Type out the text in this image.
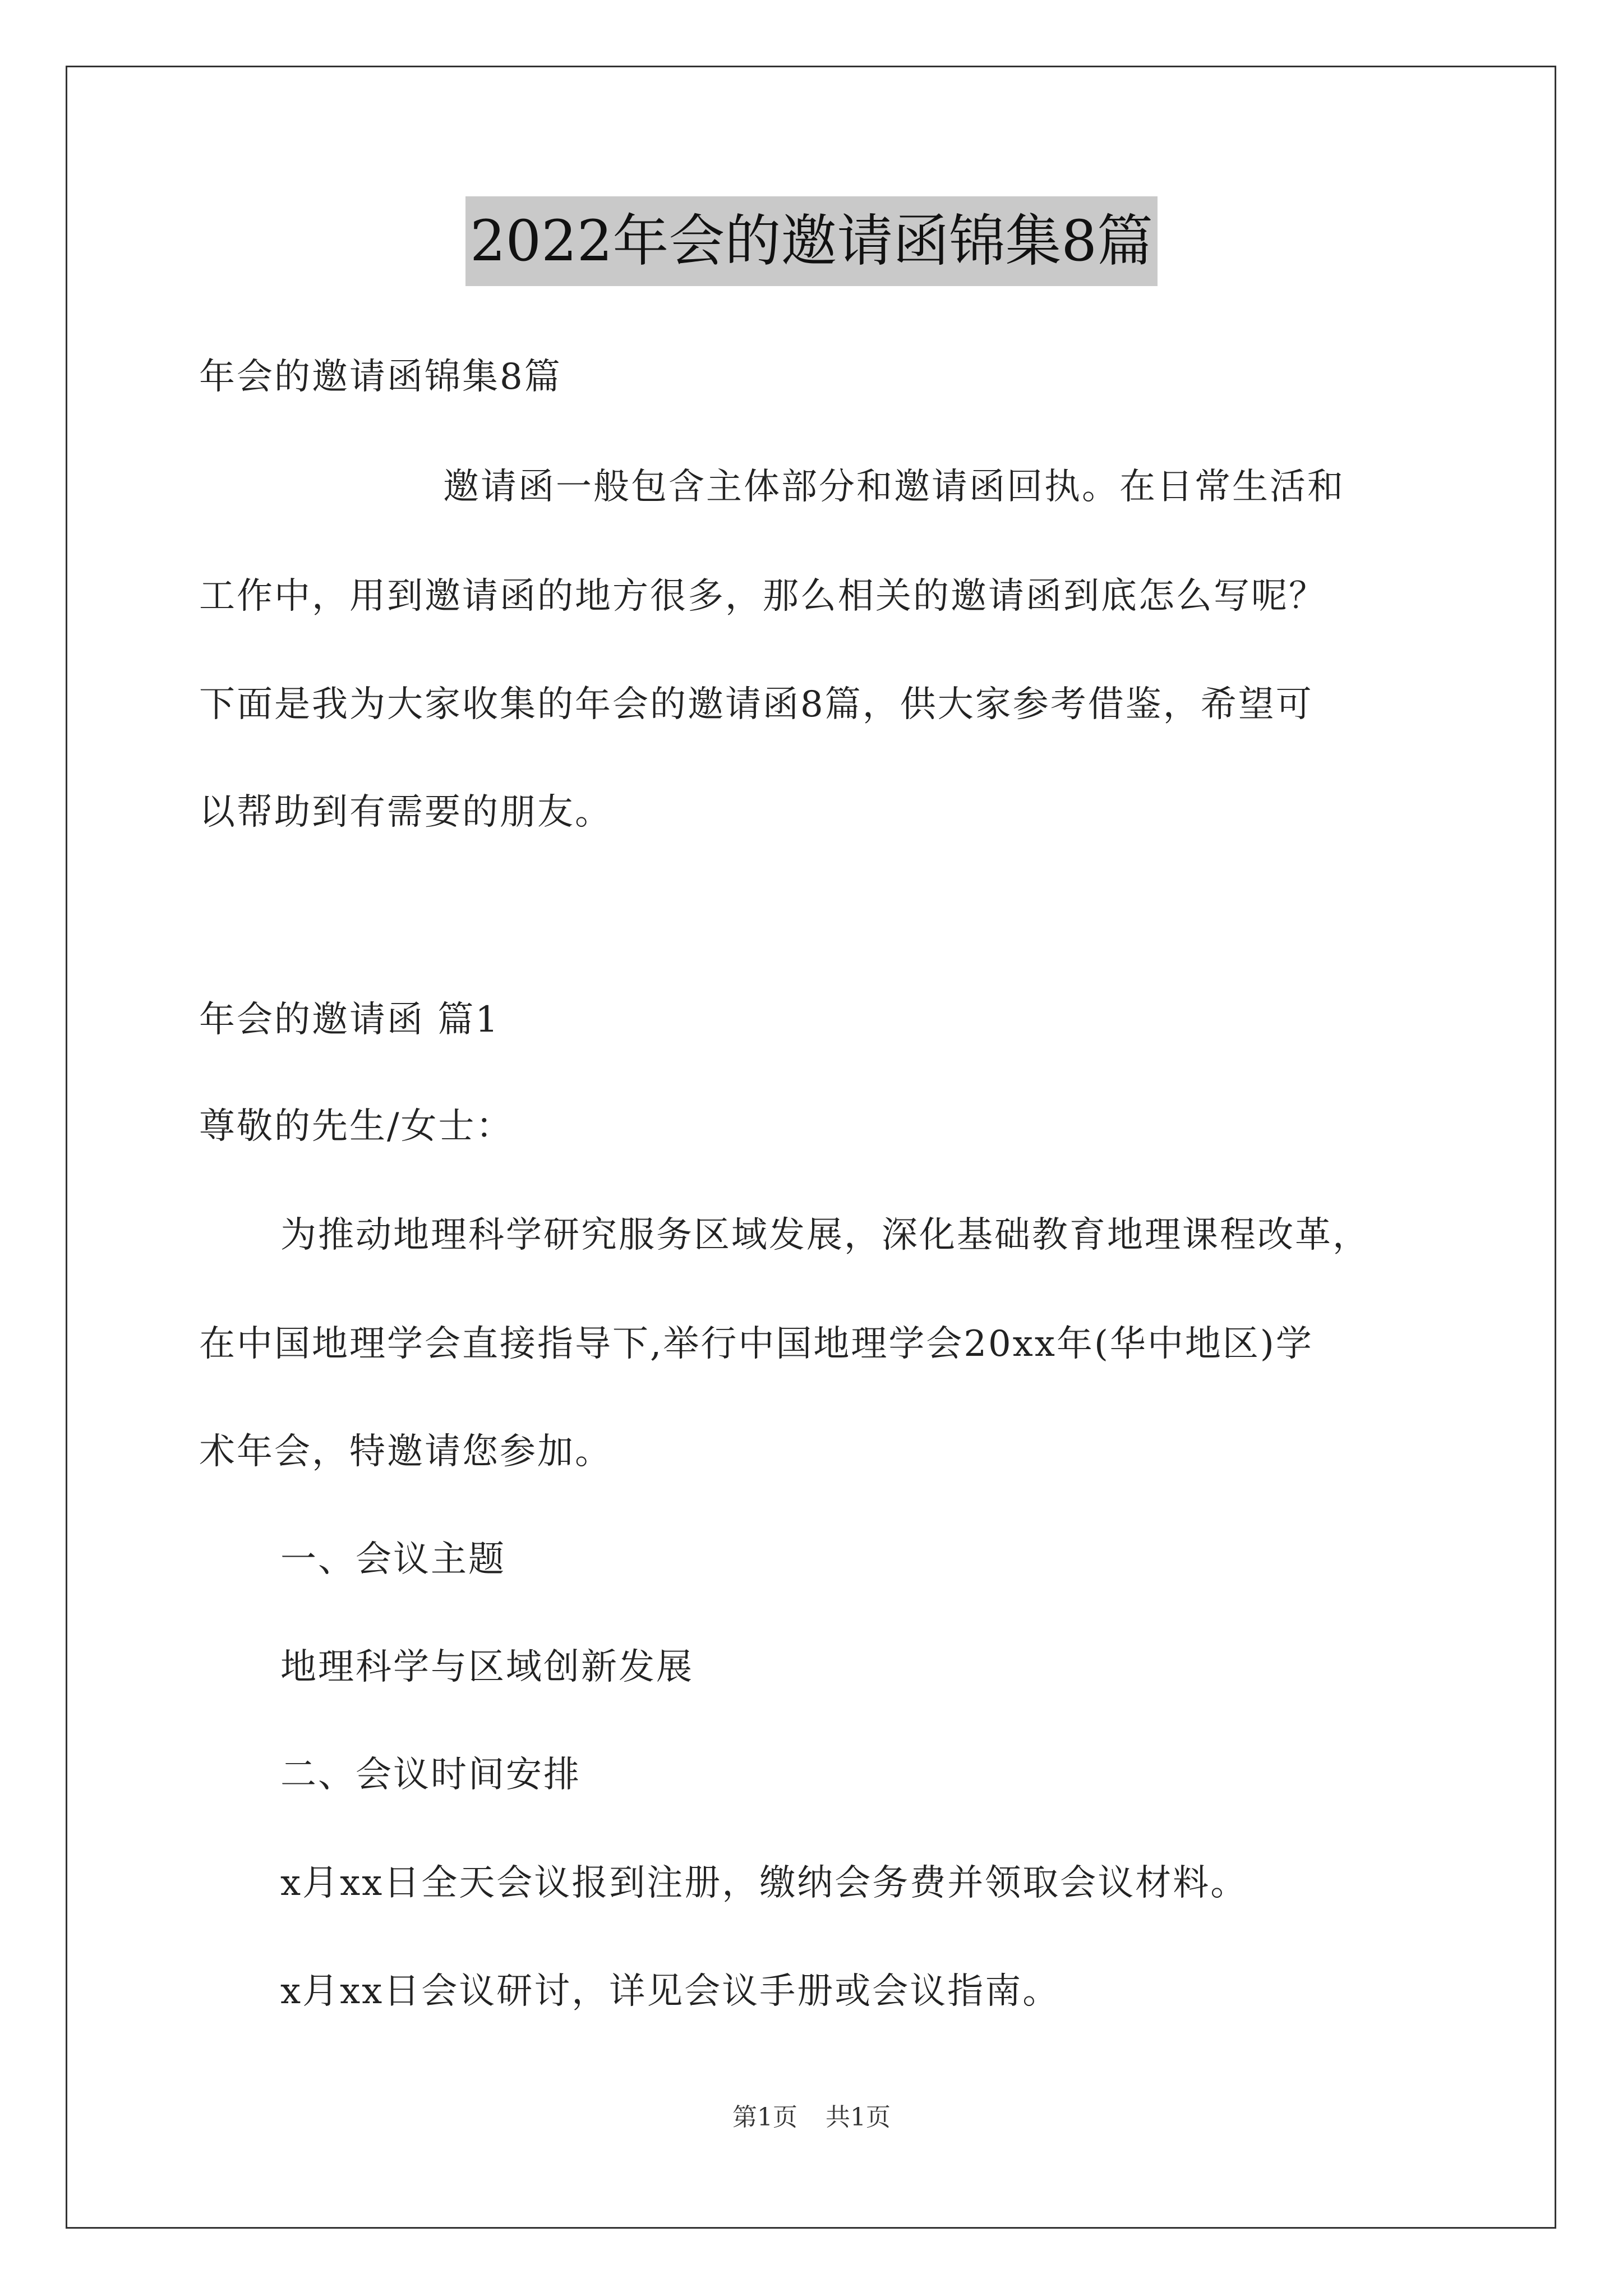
2022年会的邀请函锦集8篇
年会的邀请函锦集8篇
邀请函一般包含主体部分和邀请函回执。在日常生活和
工作中，用到邀请函的地方很多，那么相关的邀请函到底怎么写呢？
下面是我为大家收集的年会的邀请函8篇，供大家参考借鉴，希望可
以帮助到有需要的朋友。
年会的邀请函 篇1
尊敬的先生/女士：
为推动地理科学研究服务区域发展，深化基础教育地理课程改革，
在中国地理学会直接指导下,举行中国地理学会20xx年(华中地区)学
术年会，特邀请您参加。
一、会议主题
地理科学与区域创新发展
二、会议时间安排
x月xx日全天会议报到注册，缴纳会务费并领取会议材料。
x月xx日会议研讨，详见会议手册或会议指南。
第1页 共1页
